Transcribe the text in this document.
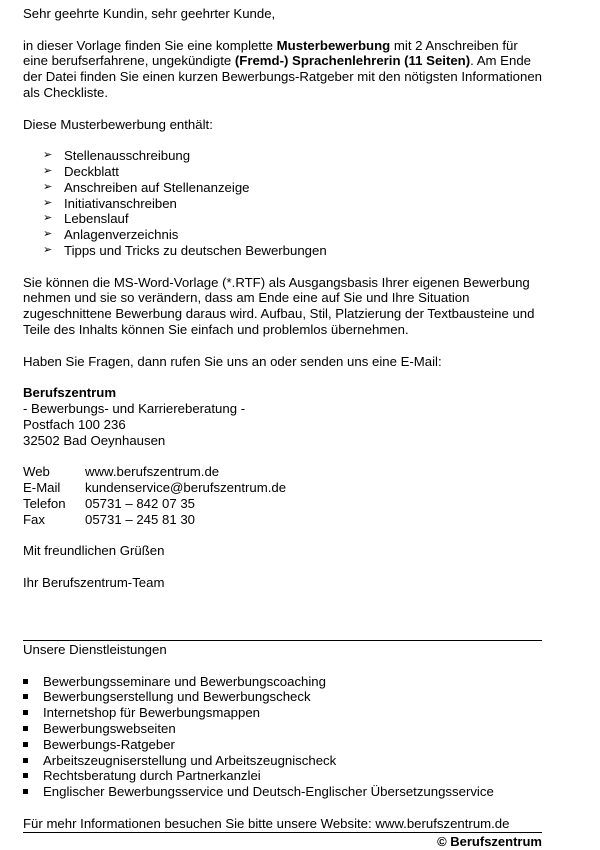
Sehr geehrte Kundin, sehr geehrter Kunde,

in dieser Vorlage finden Sie eine komplette Musterbewerbung mit 2 Anschreiben für eine berufserfahrene, ungekündigte (Fremd-) Sprachenlehrerin (11 Seiten). Am Ende der Datei finden Sie einen kurzen Bewerbungs-Ratgeber mit den nötigsten Informationen als Checkliste.

Diese Musterbewerbung enthält:

➢ Stellenausschreibung
➢ Deckblatt
➢ Anschreiben auf Stellenanzeige
➢ Initiativanschreiben
➢ Lebenslauf
➢ Anlagenverzeichnis
➢ Tipps und Tricks zu deutschen Bewerbungen

Sie können die MS-Word-Vorlage (*.RTF) als Ausgangsbasis Ihrer eigenen Bewerbung nehmen und sie so verändern, dass am Ende eine auf Sie und Ihre Situation zugeschnittene Bewerbung daraus wird. Aufbau, Stil, Platzierung der Textbausteine und Teile des Inhalts können Sie einfach und problemlos übernehmen.

Haben Sie Fragen, dann rufen Sie uns an oder senden uns eine E-Mail:

Berufszentrum

- Bewerbungs- und Karriereberatung -

Postfach 100 236

32502 Bad Oeynhausen

Web	www.berufszentrum.de
E-Mail	kundenservice@berufszentrum.de
Telefon	05731 – 842 07 35
Fax	05731 – 245 81 30

Mit freundlichen Grüßen

Ihr Berufszentrum-Team

Unsere Dienstleistungen

Bewerbungsseminare und Bewerbungscoaching
Bewerbungserstellung und Bewerbungscheck
Internetshop für Bewerbungsmappen
Bewerbungswebseiten
Bewerbungs-Ratgeber
Arbeitszeugniserstellung und Arbeitszeugnischeck
Rechtsberatung durch Partnerkanzlei
Englischer Bewerbungsservice und Deutsch-Englischer Übersetzungsservice

Für mehr Informationen besuchen Sie bitte unsere Website: www.berufszentrum.de

© Berufszentrum
